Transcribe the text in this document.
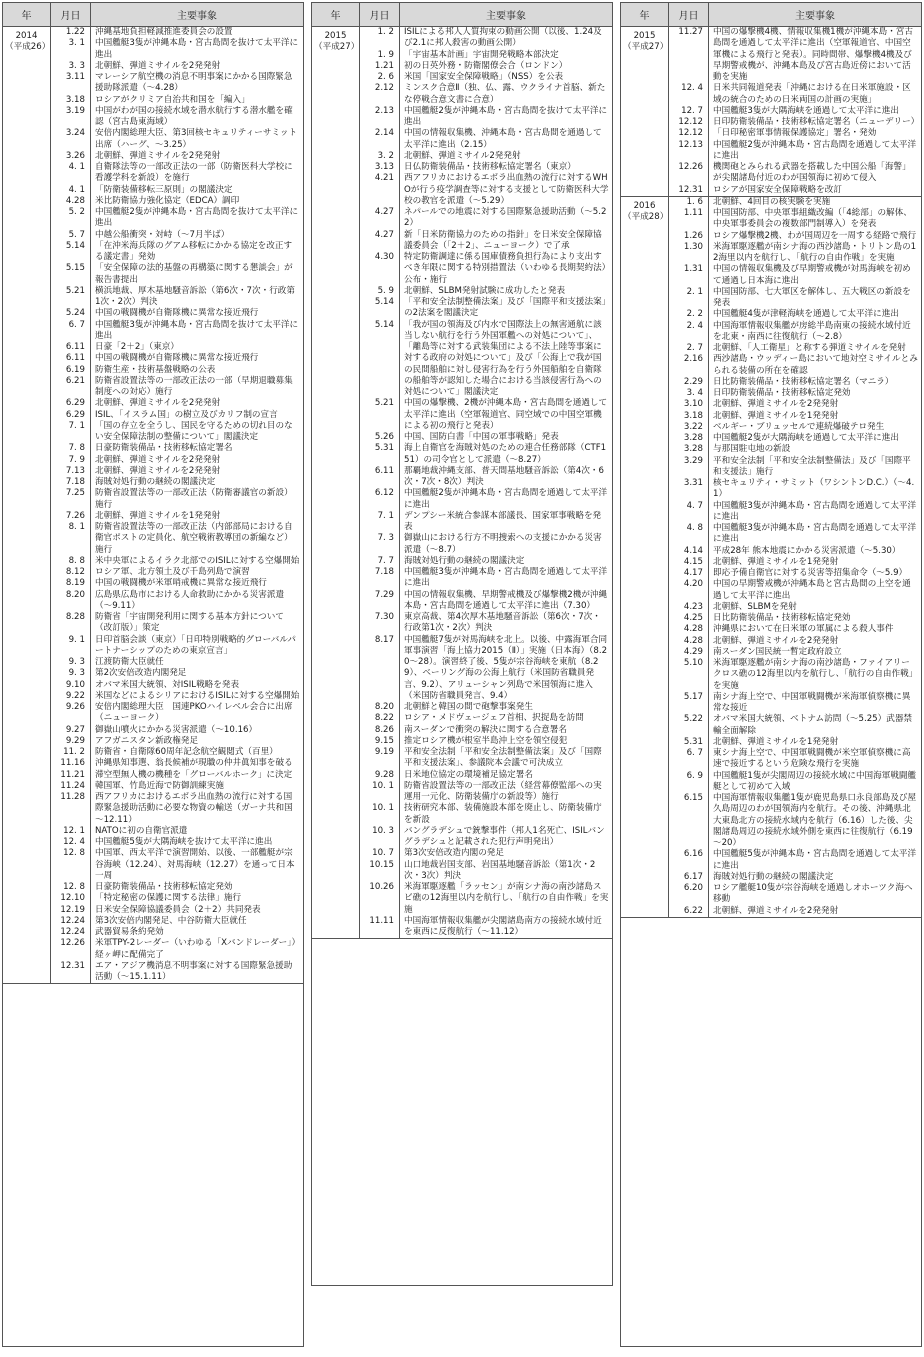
年	月日	主要事象
2014
（平成26）
1.22	沖縄基地負担軽減推進委員会の設置
3. 1	中国艦艇3隻が沖縄本島・宮古島間を抜けて太平洋に進出
3. 3	北朝鮮、弾道ミサイルを2発発射
3.11	マレーシア航空機の消息不明事案にかかる国際緊急援助隊派遣（～4.28）
3.18	ロシアがクリミア自治共和国を「編入」
3.19	中国がわが国の接続水域を潜水航行する潜水艦を確認（宮古島東海域）
3.24	安倍内閣総理大臣、第3回核セキュリティーサミット出席（ハーグ、～3.25）
3.26	北朝鮮、弾道ミサイルを2発発射
4. 1	自衛隊法等の一部改正法の一部（防衛医科大学校に看護学科を新設）を施行
4. 1	「防衛装備移転三原則」の閣議決定
4.28	米比防衛協力強化協定（EDCA）調印
5. 2	中国艦艇2隻が沖縄本島・宮古島間を抜けて太平洋に進出
5. 7	中越公船衝突・対峙（～7月半ば）
5.14	「在沖米海兵隊のグアム移転にかかる協定を改正する議定書」発効
5.15	「安全保障の法的基盤の再構築に関する懇談会」が報告書提出
5.21	横浜地裁、厚木基地騒音訴訟（第6次・7次・行政第1次・2次）判決
5.24	中国の戦闘機が自衛隊機に異常な接近飛行
6. 7	中国艦艇3隻が沖縄本島・宮古島間を抜けて太平洋に進出
6.11	日豪「2＋2」（東京）
6.11	中国の戦闘機が自衛隊機に異常な接近飛行
6.19	防衛生産・技術基盤戦略の公表
6.21	防衛省設置法等の一部改正法の一部（早期退職募集制度への対応）施行
6.29	北朝鮮、弾道ミサイルを2発発射
6.29	ISIL、「イスラム国」の樹立及びカリフ制の宣言
7. 1	「国の存立を全うし、国民を守るための切れ目のない安全保障法制の整備について」閣議決定
7. 8	日豪防衛装備品・技術移転協定署名
7. 9	北朝鮮、弾道ミサイルを2発発射
7.13	北朝鮮、弾道ミサイルを2発発射
7.18	海賊対処行動の継続の閣議決定
7.25	防衛省設置法等の一部改正法（防衛審議官の新設）施行
7.26	北朝鮮、弾道ミサイルを1発発射
8. 1	防衛省設置法等の一部改正法（内部部局における自衛官ポストの定員化、航空戦術教導団の新編など）施行
8. 8	米中央軍によるイラク北部でのISILに対する空爆開始
8.12	ロシア軍、北方領土及び千島列島で演習
8.19	中国の戦闘機が米軍哨戒機に異常な接近飛行
8.20	広島県広島市における人命救助にかかる災害派遣（～9.11）
8.28	防衛省「宇宙開発利用に関する基本方針について（改訂版）」策定
9. 1	日印首脳会談（東京）「日印特別戦略的グローバルパートナーシップのための東京宣言」
9. 3	江渡防衛大臣就任
9. 3	第2次安倍改造内閣発足
9.10	オバマ米国大統領、対ISIL戦略を発表
9.22	米国などによるシリアにおけるISILに対する空爆開始
9.26	安倍内閣総理大臣　国連PKOハイレベル会合に出席（ニューヨーク）
9.27	御嶽山噴火にかかる災害派遣（～10.16）
9.29	アフガニスタン新政権発足
11. 2	防衛省・自衛隊60周年記念航空観閲式（百里）
11.16	沖縄県知事選、翁長候補が現職の仲井眞知事を破る
11.21	滞空型無人機の機種を「グローバルホーク」に決定
11.24	韓国軍、竹島近海で防御訓練実施
11.28	西アフリカにおけるエボラ出血熱の流行に対する国際緊急援助活動に必要な物資の輸送（ガーナ共和国　～12.11）
12. 1	NATOに初の自衛官派遣
12. 4	中国艦艇5隻が大隅海峡を抜けて太平洋に進出
12. 8	中国軍、西太平洋で演習開始、以後、一部艦艇が宗谷海峡（12.24）、対馬海峡（12.27）を通って日本一周
12. 8	日豪防衛装備品・技術移転協定発効
12.10	「特定秘密の保護に関する法律」施行
12.19	日米安全保障協議委員会（2＋2）共同発表
12.24	第3次安倍内閣発足、中谷防衛大臣就任
12.24	武器貿易条約発効
12.26	米軍TPY-2レーダー（いわゆる「Xバンドレーダー」）経ヶ岬に配備完了
12.31	エア・アジア機消息不明事案に対する国際緊急援助活動（～15.1.11）
年	月日	主要事象
2015
（平成27）
1. 2	ISILによる邦人人質拘束の動画公開（以後、1.24及び2.1に邦人殺害の動画公開）
1. 9	「宇宙基本計画」宇宙開発戦略本部決定
1.21	初の日英外務・防衛閣僚会合（ロンドン）
2. 6	米国「国家安全保障戦略」（NSS）を公表
2.12	ミンスク合意Ⅱ（独、仏、露、ウクライナ首脳、新たな停戦合意文書に合意）
2.13	中国艦艇2隻が沖縄本島・宮古島間を抜けて太平洋に進出
2.14	中国の情報収集機、沖縄本島・宮古島間を通過して太平洋に進出（2.15）
3. 2	北朝鮮、弾道ミサイル2発発射
3.13	日仏防衛装備品・技術移転協定署名（東京）
4.21	西アフリカにおけるエボラ出血熱の流行に対するWHOが行う疫学調査等に対する支援として防衛医科大学校の教官を派遣（～5.29）
4.27	ネパールでの地震に対する国際緊急援助活動（～5.22）
4.27	新「日米防衛協力のための指針」を日米安全保障協議委員会（「2＋2」、ニューヨーク）で了承
4.30	特定防衛調達に係る国庫債務負担行為により支出すべき年限に関する特別措置法（いわゆる長期契約法）公布・施行
5. 9	北朝鮮、SLBM発射試験に成功したと発表
5.14	「平和安全法制整備法案」及び「国際平和支援法案」の2法案を閣議決定
5.14	「我が国の領海及び内水で国際法上の無害通航に該当しない航行を行う外国軍艦への対処について」、「離島等に対する武装集団による不法上陸等事案に対する政府の対処について」及び「公海上で我が国の民間船舶に対し侵害行為を行う外国船舶を自衛隊の船舶等が認知した場合における当該侵害行為への対処について」閣議決定
5.21	中国の爆撃機、2機が沖縄本島・宮古島間を通過して太平洋に進出（空軍報道官、同空域での中国空軍機による初の飛行と発表）
5.26	中国、国防白書「中国の軍事戦略」発表
5.31	海上自衛官を海賊対処のための連合任務部隊（CTF151）の司令官として派遣（～8.27）
6.11	那覇地裁沖縄支部、普天間基地騒音訴訟（第4次・6次・7次・8次）判決
6.12	中国艦艇2隻が沖縄本島・宮古島間を通過して太平洋に進出
7. 1	デンプシー米統合参謀本部議長、国家軍事戦略を発表
7. 3	御嶽山における行方不明捜索への支援にかかる災害派遣（～8.7）
7. 7	海賊対処行動の継続の閣議決定
7.18	中国艦艇3隻が沖縄本島・宮古島間を通過して太平洋に進出
7.29	中国の情報収集機、早期警戒機及び爆撃機2機が沖縄本島・宮古島間を通過して太平洋に進出（7.30）
7.30	東京高裁、第4次厚木基地騒音訴訟（第6次・7次・行政第1次・2次）判決
8.17	中国艦艇7隻が対馬海峡を北上。以後、中露海軍合同軍事演習「海上協力2015（Ⅱ）」実施（日本海）（8.20～28）。演習終了後、5隻が宗谷海峡を東航（8.29）、ベーリング海の公海上航行（米国防省職員発言、9.2）、アリューシャン列島で米国領海に進入（米国防省職員発言、9.4）
8.20	北朝鮮と韓国の間で砲撃事案発生
8.22	ロシア・メドヴェージェフ首相、択捉島を訪問
8.26	南スーダンで衝突の解決に関する合意署名
9.15	推定ロシア機が根室半島沖上空を領空侵犯
9.19	平和安全法制「平和安全法制整備法案」及び「国際平和支援法案」、参議院本会議で可決成立
9.28	日米地位協定の環境補足協定署名
10. 1	防衛省設置法等の一部改正法（経営幕僚監部への実運用一元化、防衛装備庁の新設等）施行
10. 1	技術研究本部、装備施設本部を廃止し、防衛装備庁を新設
10. 3	バングラデシュで銃撃事件（邦人1名死亡、ISILバングラデシュと記載された犯行声明発出）
10. 7	第3次安倍改造内閣の発足
10.15	山口地裁岩国支部、岩国基地騒音訴訟（第1次・2次・3次）判決
10.26	米海軍駆逐艦「ラッセン」が南シナ海の南沙諸島スビ礁の12海里以内を航行し、「航行の自由作戦」を実施
11.11	中国海軍情報収集艦が尖閣諸島南方の接続水域付近を東西に反復航行（～11.12）
年	月日	主要事象
2015
（平成27）
11.27	中国の爆撃機4機、情報収集機1機が沖縄本島・宮古島間を通過して太平洋に進出（空軍報道官、中国空軍機による飛行と発表）。同時間帯、爆撃機4機及び早期警戒機が、沖縄本島及び宮古島近傍において活動を実施
12. 4	日米共同報道発表「沖縄における在日米軍施設・区域の統合のための日米両国の計画の実施」
12. 7	中国艦艇3隻が大隅海峡を通過して太平洋に進出
12.12	日印防衛装備品・技術移転協定署名（ニューデリー）
12.12	「日印秘密軍事情報保護協定」署名・発効
12.13	中国艦艇2隻が沖縄本島・宮古島間を通過して太平洋に進出
12.26	機関砲とみられる武器を搭載した中国公船「海警」が尖閣諸島付近のわが国領海に初めて侵入
12.31	ロシアが国家安全保障戦略を改訂
2016
（平成28）
1. 6	北朝鮮、4回目の核実験を実施
1.11	中国国防部、中央軍事組織改編（「4総部」の解体、中央軍事委員会の複数部門制導入）を発表
1.26	ロシア爆撃機2機、わが国周辺を一周する経路で飛行
1.30	米海軍駆逐艦が南シナ海の西沙諸島・トリトン島の12海里以内を航行し、「航行の自由作戦」を実施
1.31	中国の情報収集機及び早期警戒機が対馬海峡を初めて通過し日本海に進出
2. 1	中国国防部、七大軍区を解体し、五大戦区の新設を発表
2. 2	中国艦艇4隻が津軽海峡を通過して太平洋に進出
2. 4	中国海軍情報収集艦が房総半島南東の接続水域付近を北東・南西に往復航行（～2.8）
2. 7	北朝鮮、「人工衛星」と称する弾道ミサイルを発射
2.16	西沙諸島・ウッディー島において地対空ミサイルとみられる装備の所在を確認
2.29	日比防衛装備品・技術移転協定署名（マニラ）
3. 4	日印防衛装備品・技術移転協定発効
3.10	北朝鮮、弾道ミサイルを2発発射
3.18	北朝鮮、弾道ミサイルを1発発射
3.22	ベルギー・ブリュッセルで連続爆破テロ発生
3.28	中国艦艇2隻が大隅海峡を通過して太平洋に進出
3.28	与那国駐屯地の新設
3.29	平和安全法制「平和安全法制整備法」及び「国際平和支援法」施行
3.31	核セキュリティ・サミット（ワシントンD.C.）（～4.1）
4. 7	中国艦艇3隻が沖縄本島・宮古島間を通過して太平洋に進出
4. 8	中国艦艇3隻が沖縄本島・宮古島間を通過して太平洋に進出
4.14	平成28年 熊本地震にかかる災害派遣（～5.30）
4.15	北朝鮮、弾道ミサイルを1発発射
4.17	即応予備自衛官に対する災害等招集命令（～5.9）
4.20	中国の早期警戒機が沖縄本島と宮古島間の上空を通過して太平洋に進出
4.23	北朝鮮、SLBMを発射
4.25	日比防衛装備品・技術移転協定発効
4.28	沖縄県において在日米軍の軍属による殺人事件
4.28	北朝鮮、弾道ミサイルを2発発射
4.29	南スーダン国民統一暫定政府設立
5.10	米海軍駆逐艦が南シナ海の南沙諸島・ファイアリークロス礁の12海里以内を航行し、「航行の自由作戦」を実施
5.17	南シナ海上空で、中国軍戦闘機が米海軍偵察機に異常な接近
5.22	オバマ米国大統領、ベトナム訪問（～5.25）武器禁輸全面解除
5.31	北朝鮮、弾道ミサイルを1発発射
6. 7	東シナ海上空で、中国軍戦闘機が米空軍偵察機に高速で接近するという危険な飛行を実施
6. 9	中国艦艇1隻が尖閣周辺の接続水域に中国海軍戦闘艦艇として初めて入域
6.15	中国海軍情報収集艦1隻が鹿児島県口永良部島及び屋久島周辺のわが国領海内を航行。その後、沖縄県北大東島北方の接続水域内を航行（6.16）した後、尖閣諸島周辺の接続水域外側を東西に往復航行（6.19～20）
6.16	中国艦艇5隻が沖縄本島・宮古島間を通過して太平洋に進出
6.17	海賊対処行動の継続の閣議決定
6.20	ロシア艦艇10隻が宗谷海峡を通過しオホーツク海へ移動
6.22	北朝鮮、弾道ミサイルを2発発射
